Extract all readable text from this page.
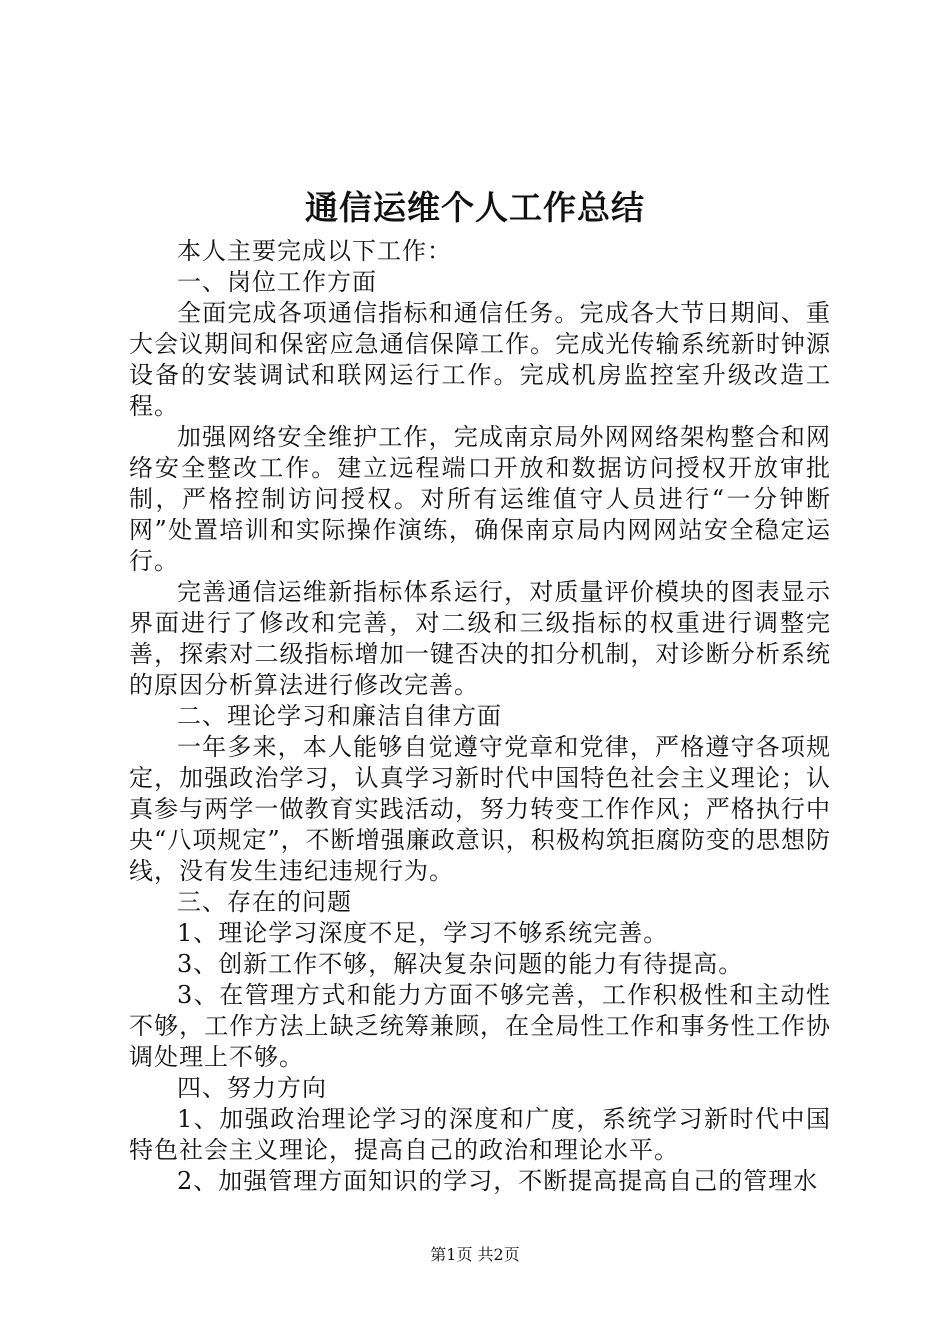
通信运维个人工作总结

本人主要完成以下工作：

一、岗位工作方面

全面完成各项通信指标和通信任务。完成各大节日期间、重大会议期间和保密应急通信保障工作。完成光传输系统新时钟源设备的安装调试和联网运行工作。完成机房监控室升级改造工程。

加强网络安全维护工作，完成南京局外网网络架构整合和网络安全整改工作。建立远程端口开放和数据访问授权开放审批制，严格控制访问授权。对所有运维值守人员进行“一分钟断网”处置培训和实际操作演练，确保南京局内网网站安全稳定运行。

完善通信运维新指标体系运行，对质量评价模块的图表显示界面进行了修改和完善，对二级和三级指标的权重进行调整完善，探索对二级指标增加一键否决的扣分机制，对诊断分析系统的原因分析算法进行修改完善。

二、理论学习和廉洁自律方面

一年多来，本人能够自觉遵守党章和党律，严格遵守各项规定，加强政治学习，认真学习新时代中国特色社会主义理论；认真参与两学一做教育实践活动，努力转变工作作风；严格执行中央“八项规定”，不断增强廉政意识，积极构筑拒腐防变的思想防线，没有发生违纪违规行为。

三、存在的问题

1、理论学习深度不足，学习不够系统完善。

3、创新工作不够，解决复杂问题的能力有待提高。

3、在管理方式和能力方面不够完善，工作积极性和主动性不够，工作方法上缺乏统筹兼顾，在全局性工作和事务性工作协调处理上不够。

四、努力方向

1、加强政治理论学习的深度和广度，系统学习新时代中国特色社会主义理论，提高自己的政治和理论水平。

2、加强管理方面知识的学习，不断提高提高自己的管理水

第1页 共2页
